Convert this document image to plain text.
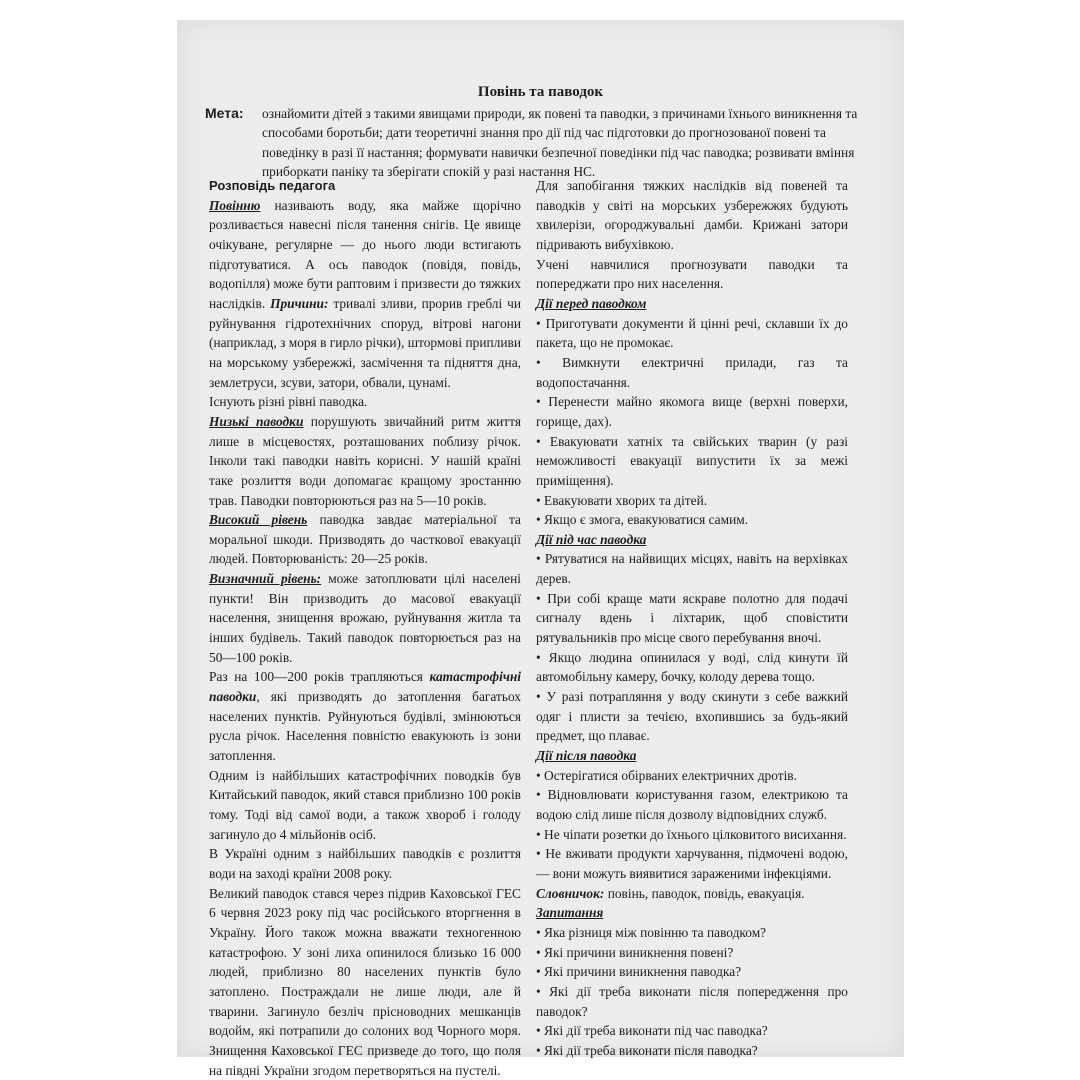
Повінь та паводок
Мета:	ознайомити дітей з такими явищами природи, як повені та паводки, з причинами їхнього виникнення та способами боротьби; дати теоретичні знання про дії під час підготовки до прогнозованої повені та поведінку в разі її настання; формувати навички безпечної поведінки під час паводка; розвивати вміння приборкати паніку та зберігати спокій у разі настання НС.

Розповідь педагога

Повінню називають воду, яка майже щорічно розливається навесні після танення снігів. Це явище очікуване, регулярне — до нього люди встигають підготуватися. А ось паводок (повідя, повідь, водопілля) може бути раптовим і призвести до тяжких наслідків. Причини: тривалі зливи, прорив греблі чи руйнування гідротехнічних споруд, вітрові нагони (наприклад, з моря в гирло річки), штормові припливи на морському узбережжі, засмічення та підняття дна, землетруси, зсуви, затори, обвали, цунамі.

Існують різні рівні паводка.

Низькі паводки порушують звичайний ритм життя лише в місцевостях, розташованих поблизу річок. Інколи такі паводки навіть корисні. У нашій країні таке розлиття води допомагає кращому зростанню трав. Паводки повторюються раз на 5—10 років.

Високий рівень паводка завдає матеріальної та моральної шкоди. Призводять до часткової евакуації людей. Повторюваність: 20—25 років.

Визначний рівень: може затоплювати цілі населені пункти! Він призводить до масової евакуації населення, знищення врожаю, руйнування житла та інших будівель. Такий паводок повторюється раз на 50—100 років.

Раз на 100—200 років трапляються катастрофічні паводки, які призводять до затоплення багатьох населених пунктів. Руйнуються будівлі, змінюються русла річок. Населення повністю евакуюють із зони затоплення.

Одним із найбільших катастрофічних поводків був Китайський паводок, який стався приблизно 100 років тому. Тоді від самої води, а також хвороб і голоду загинуло до 4 мільйонів осіб.

В Україні одним з найбільших паводків є розлиття води на заході країни 2008 року.

Великий паводок стався через підрив Каховської ГЕС 6 червня 2023 року під час російського вторгнення в Україну. Його також можна вважати техногенною катастрофою. У зоні лиха опинилося близько 16 000 людей, приблизно 80 населених пунктів було затоплено. Постраждали не лише люди, але й тварини. Загинуло безліч прісноводних мешканців водойм, які потрапили до солоних вод Чорного моря. Знищення Каховської ГЕС призведе до того, що поля на півдні України згодом перетворяться на пустелі.

Для запобігання тяжких наслідків від повеней та паводків у світі на морських узбережжях будують хвилерізи, огороджувальні дамби. Крижані затори підривають вибухівкою.

Учені навчилися прогнозувати паводки та попереджати про них населення.

Дії перед паводком

• Приготувати документи й цінні речі, склавши їх до пакета, що не промокає.

• Вимкнути електричні прилади, газ та водопостачання.

• Перенести майно якомога вище (верхні поверхи, горище, дах).

• Евакуювати хатніх та свійських тварин (у разі неможливості евакуації випустити їх за межі приміщення).

• Евакуювати хворих та дітей.

• Якщо є змога, евакуюватися самим.

Дії під час паводка

• Рятуватися на найвищих місцях, навіть на верхівках дерев.

• При собі краще мати яскраве полотно для подачі сигналу вдень і ліхтарик, щоб сповістити рятувальників про місце свого перебування вночі.

• Якщо людина опинилася у воді, слід кинути їй автомобільну камеру, бочку, колоду дерева тощо.

• У разі потрапляння у воду скинути з себе важкий одяг і плисти за течією, вхопившись за будь-який предмет, що плаває.

Дії після паводка

• Остерігатися обірваних електричних дротів.

• Відновлювати користування газом, електрикою та водою слід лише після дозволу відповідних служб.

• Не чіпати розетки до їхнього цілковитого висихання.

• Не вживати продукти харчування, підмочені водою, — вони можуть виявитися зараженими інфекціями.

Словничок: повінь, паводок, повідь, евакуація.

Запитання

• Яка різниця між повінню та паводком?

• Які причини виникнення повені?

• Які причини виникнення паводка?

• Які дії треба виконати після попередження про паводок?

• Які дії треба виконати під час паводка?

• Які дії треба виконати після паводка?
